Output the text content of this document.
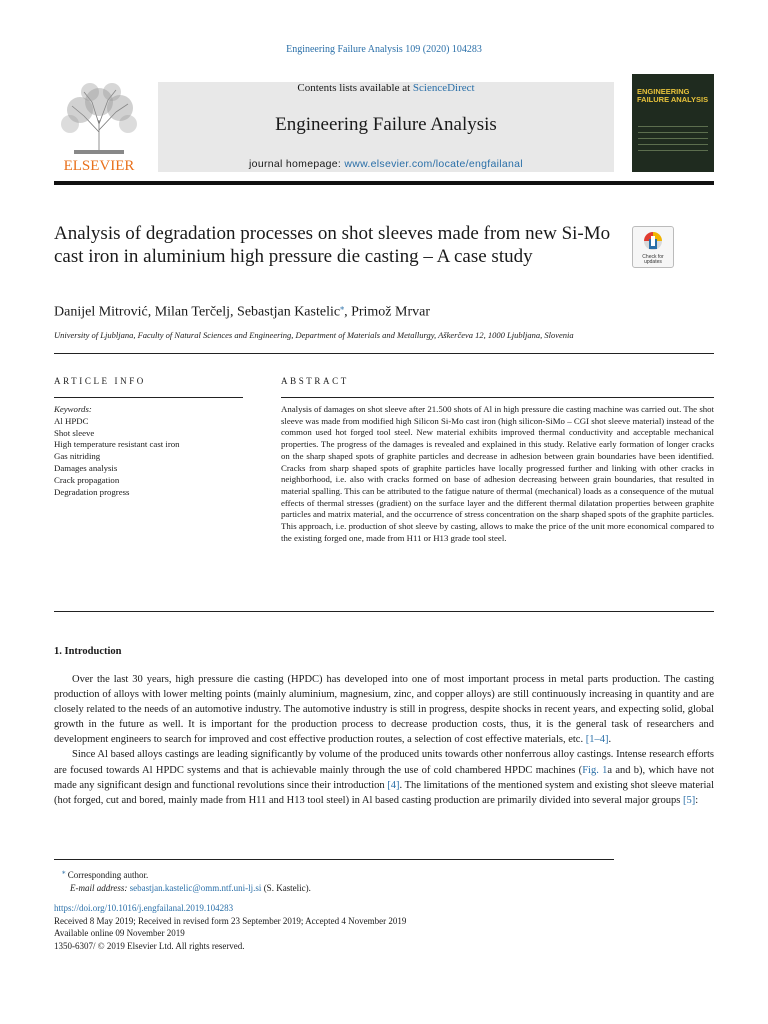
Engineering Failure Analysis 109 (2020) 104283
ELSEVIER
Contents lists available at ScienceDirect
Engineering Failure Analysis
journal homepage: www.elsevier.com/locate/engfailanal
ENGINEERING FAILURE ANALYSIS
Analysis of degradation processes on shot sleeves made from new Si-Mo cast iron in aluminium high pressure die casting – A case study	Check for updates
Danijel Mitrović, Milan Terčelj, Sebastjan Kastelic⁎, Primož Mrvar
University of Ljubljana, Faculty of Natural Sciences and Engineering, Department of Materials and Metallurgy, Aškerčeva 12, 1000 Ljubljana, Slovenia
ARTICLE INFO	ABSTRACT
Keywords:
Al HPDC
Shot sleeve
High temperature resistant cast iron
Gas nitriding
Damages analysis
Crack propagation
Degradation progress
Analysis of damages on shot sleeve after 21.500 shots of Al in high pressure die casting machine was carried out. The shot sleeve was made from modified high Silicon Si-Mo cast iron (high silicon-SiMo – CGI shot sleeve material) instead of the common used hot forged tool steel. New material exhibits improved thermal conductivity and acceptable mechanical properties. The progress of the damages is revealed and explained in this study. Relative early formation of longer cracks on the sharp shaped spots of graphite particles and decrease in adhesion between grain boundaries have been identified. Cracks from sharp shaped spots of graphite particles have locally progressed further and linking with other cracks in neighborhood, i.e. also with cracks formed on base of adhesion decreasing between grain boundaries, that resulted in material spalling. This can be attributed to the fatigue nature of thermal (mechanical) loads as a consequence of the mutual effects of thermal stresses (gradient) on the surface layer and the different thermal dilatation properties between graphite particles and matrix material, and the occurrence of stress concentration on the sharp shaped spots of the graphite particles. This approach, i.e. production of shot sleeve by casting, allows to make the price of the unit more economical compared to the existing forged one, made from H11 or H13 grade tool steel.
1. Introduction

Over the last 30 years, high pressure die casting (HPDC) has developed into one of most important process in metal parts production. The casting production of alloys with lower melting points (mainly aluminium, magnesium, zinc, and copper alloys) are still continuously increasing in quantity and are closely related to the needs of an automotive industry. The automotive industry is still in progress, despite shocks in recent years, and expecting solid, global growth in the future as well. It is important for the production process to decrease production costs, thus, it is the general task of researchers and development engineers to search for improved and cost effective production routes, a selection of cost effective materials, etc. [1–4].

Since Al based alloys castings are leading significantly by volume of the produced units towards other nonferrous alloy castings. Intense research efforts are focused towards Al HPDC systems and that is achievable mainly through the use of cold chambered HPDC machines (Fig. 1a and b), which have not made any significant design and functional revolutions since their introduction [4]. The limitations of the mentioned system and existing shot sleeve material (hot forged, cut and bored, mainly made from H11 and H13 tool steel) in Al based casting production are primarily divided into several major groups [5]:

⁎ Corresponding author.
E-mail address: sebastjan.kastelic@omm.ntf.uni-lj.si (S. Kastelic).
https://doi.org/10.1016/j.engfailanal.2019.104283
Received 8 May 2019; Received in revised form 23 September 2019; Accepted 4 November 2019
Available online 09 November 2019
1350-6307/ © 2019 Elsevier Ltd. All rights reserved.
